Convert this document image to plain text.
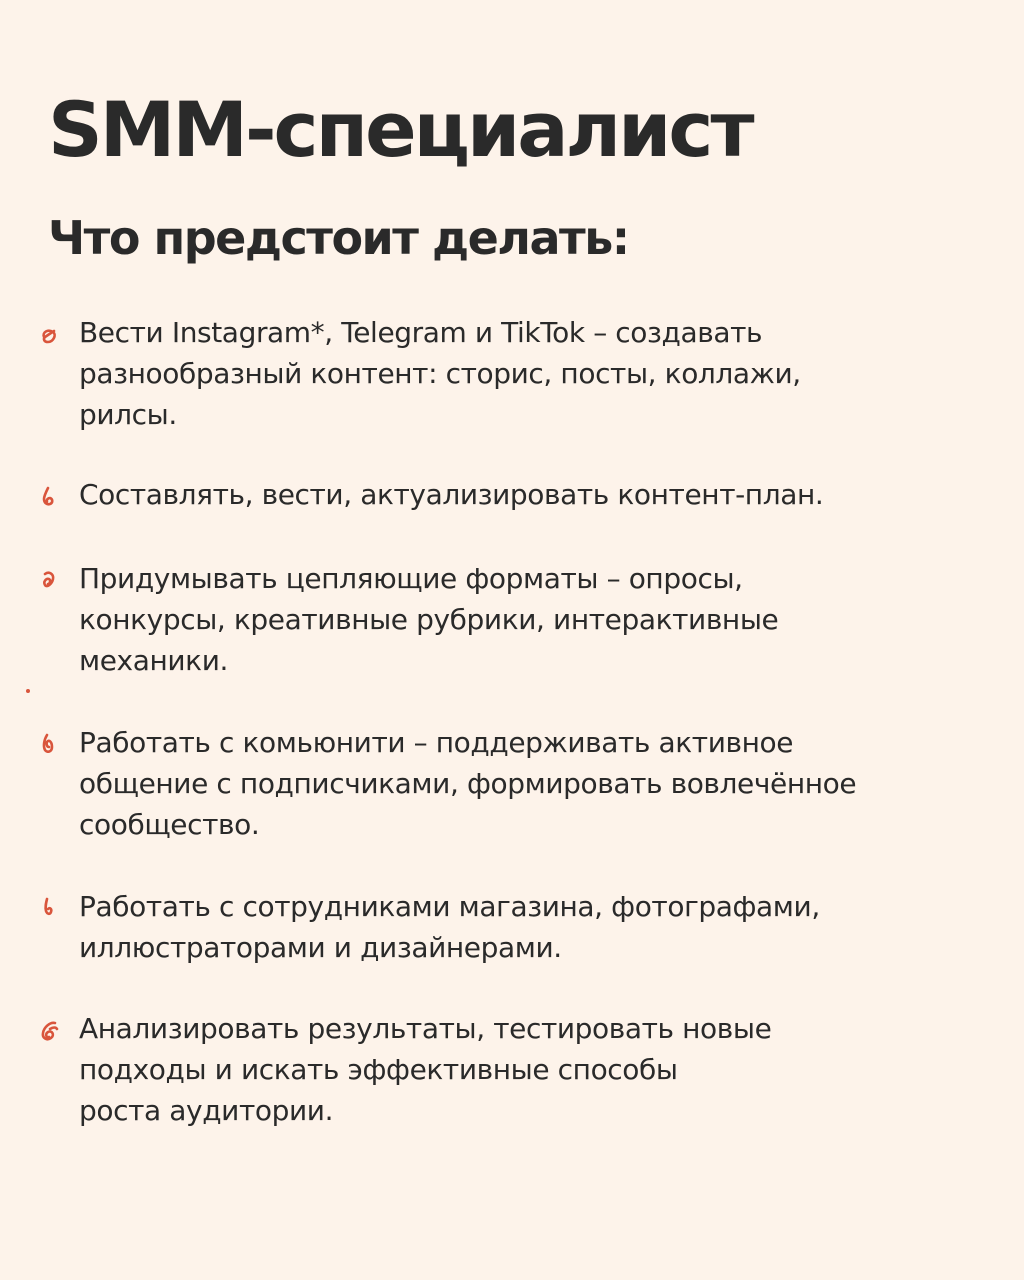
SMM-специалист
Что предстоит делать:

Вести Instagram*, Telegram и TikTok – создавать
разнообразный контент: сторис, посты, коллажи,
рилсы.

Составлять, вести, актуализировать контент-план.

Придумывать цепляющие форматы – опросы,
конкурсы, креативные рубрики, интерактивные
механики.

Работать с комьюнити – поддерживать активное
общение с подписчиками, формировать вовлечённое
сообщество.

Работать с сотрудниками магазина, фотографами,
иллюстраторами и дизайнерами.

Анализировать результаты, тестировать новые
подходы и искать эффективные способы
роста аудитории.
